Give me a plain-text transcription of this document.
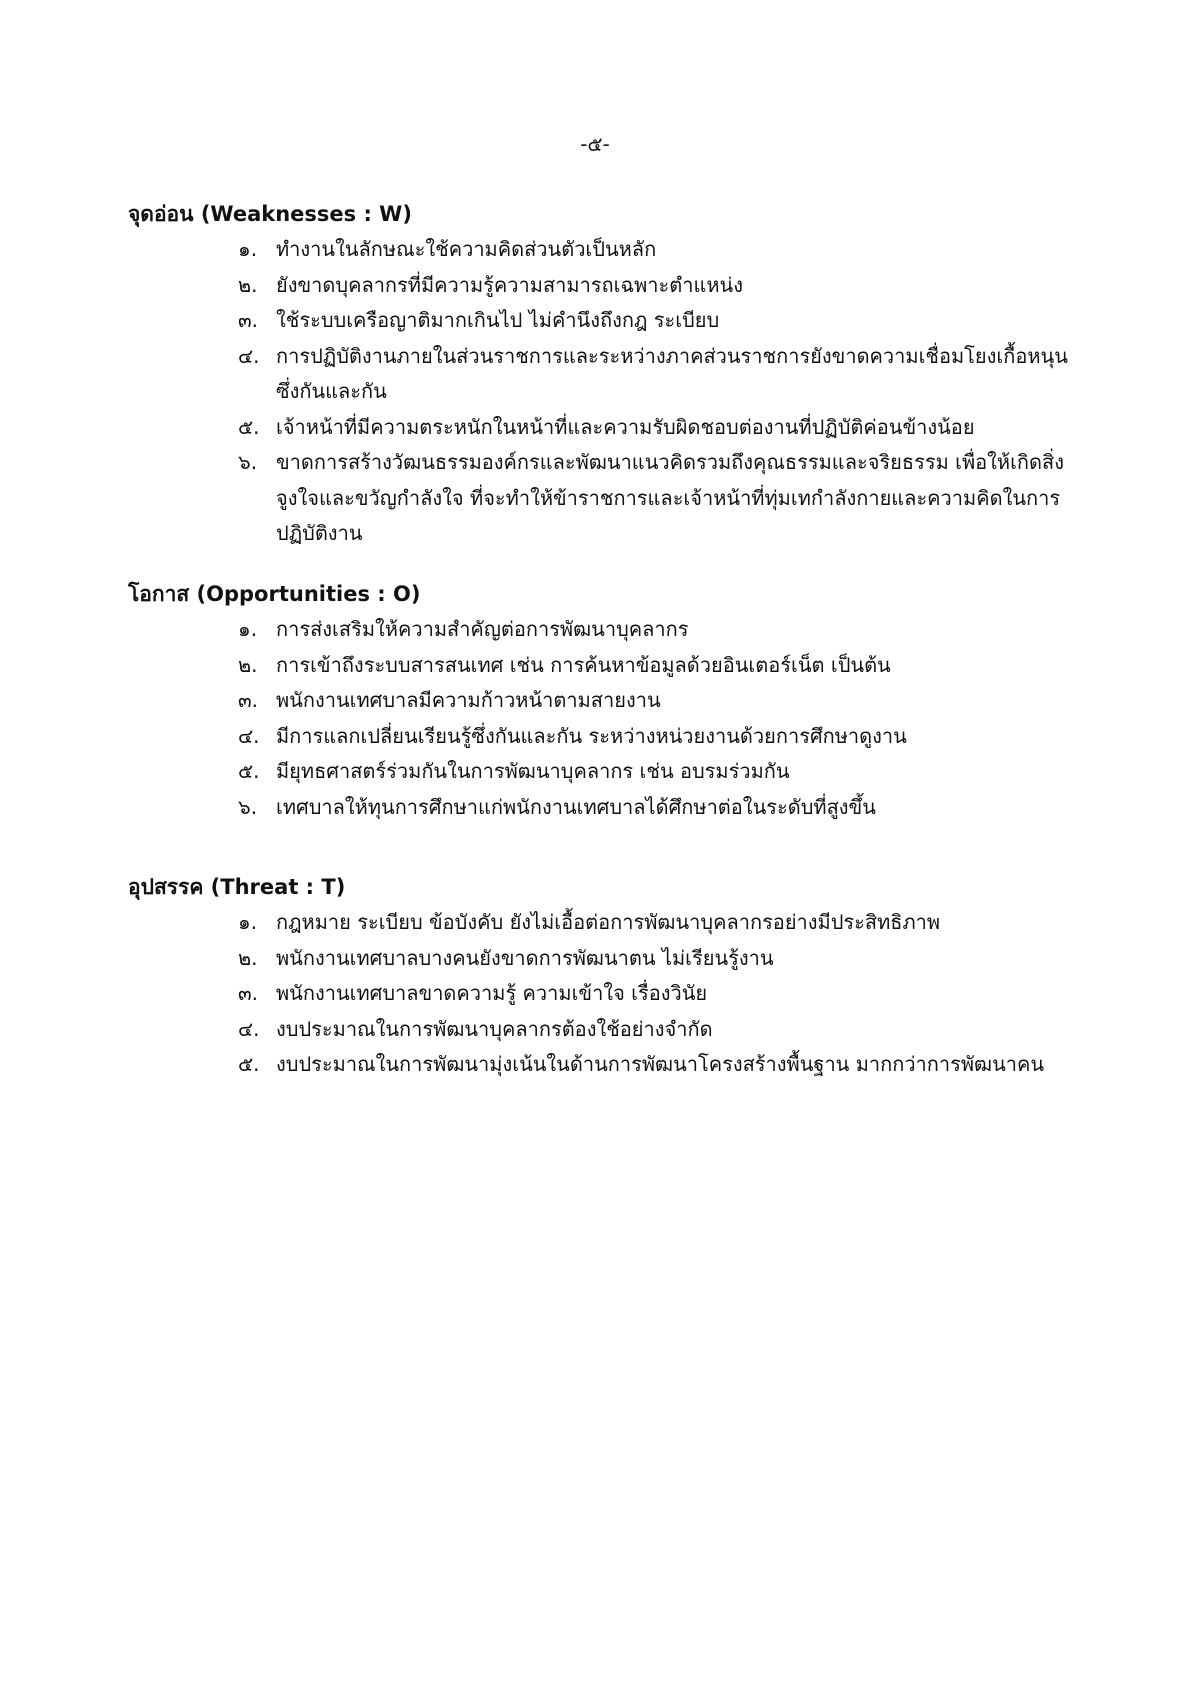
-๕-
จุดอ่อน (Weaknesses : W)
๑. ทำงานในลักษณะใช้ความคิดส่วนตัวเป็นหลัก
๒. ยังขาดบุคลากรที่มีความรู้ความสามารถเฉพาะตำแหน่ง
๓. ใช้ระบบเครือญาติมากเกินไป ไม่คำนึงถึงกฎ ระเบียบ
๔. การปฏิบัติงานภายในส่วนราชการและระหว่างภาคส่วนราชการยังขาดความเชื่อมโยงเกื้อหนุนซึ่งกันและกัน
๕. เจ้าหน้าที่มีความตระหนักในหน้าที่และความรับผิดชอบต่องานที่ปฏิบัติค่อนข้างน้อย
๖. ขาดการสร้างวัฒนธรรมองค์กรและพัฒนาแนวคิดรวมถึงคุณธรรมและจริยธรรม เพื่อให้เกิดสิ่งจูงใจและขวัญกำลังใจ ที่จะทำให้ข้าราชการและเจ้าหน้าที่ทุ่มเทกำลังกายและความคิดในการปฏิบัติงาน
โอกาส (Opportunities : O)
๑. การส่งเสริมให้ความสำคัญต่อการพัฒนาบุคลากร
๒. การเข้าถึงระบบสารสนเทศ เช่น การค้นหาข้อมูลด้วยอินเตอร์เน็ต เป็นต้น
๓. พนักงานเทศบาลมีความก้าวหน้าตามสายงาน
๔. มีการแลกเปลี่ยนเรียนรู้ซึ่งกันและกัน ระหว่างหน่วยงานด้วยการศึกษาดูงาน
๕. มียุทธศาสตร์ร่วมกันในการพัฒนาบุคลากร เช่น อบรมร่วมกัน
๖. เทศบาลให้ทุนการศึกษาแก่พนักงานเทศบาลได้ศึกษาต่อในระดับที่สูงขึ้น
อุปสรรค (Threat : T)
๑. กฎหมาย ระเบียบ ข้อบังคับ ยังไม่เอื้อต่อการพัฒนาบุคลากรอย่างมีประสิทธิภาพ
๒. พนักงานเทศบาลบางคนยังขาดการพัฒนาตน ไม่เรียนรู้งาน
๓. พนักงานเทศบาลขาดความรู้ ความเข้าใจ เรื่องวินัย
๔. งบประมาณในการพัฒนาบุคลากรต้องใช้อย่างจำกัด
๕. งบประมาณในการพัฒนามุ่งเน้นในด้านการพัฒนาโครงสร้างพื้นฐาน มากกว่าการพัฒนาคน
